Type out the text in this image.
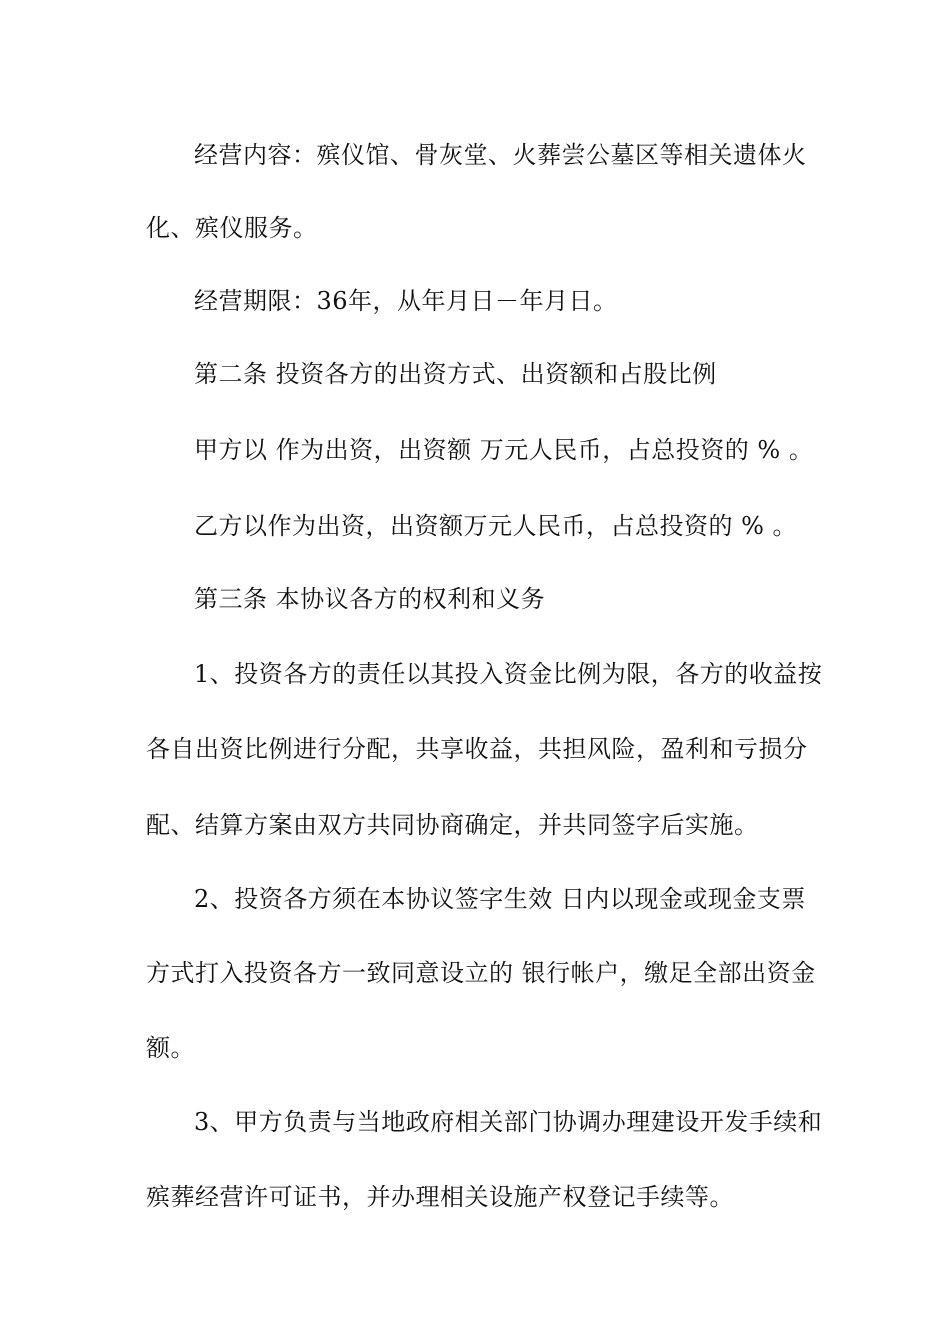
经营内容：殡仪馆、骨灰堂、火葬尝公墓区等相关遗体火
化、殡仪服务。
经营期限：36年，从年月日－年月日。
第二条 投资各方的出资方式、出资额和占股比例
甲方以 作为出资，出资额 万元人民币，占总投资的 % 。
乙方以作为出资，出资额万元人民币，占总投资的 % 。
第三条 本协议各方的权利和义务
1、投资各方的责任以其投入资金比例为限，各方的收益按
各自出资比例进行分配，共享收益，共担风险，盈利和亏损分
配、结算方案由双方共同协商确定，并共同签字后实施。
2、投资各方须在本协议签字生效 日内以现金或现金支票
方式打入投资各方一致同意设立的 银行帐户，缴足全部出资金
额。
3、甲方负责与当地政府相关部门协调办理建设开发手续和
殡葬经营许可证书，并办理相关设施产权登记手续等。
